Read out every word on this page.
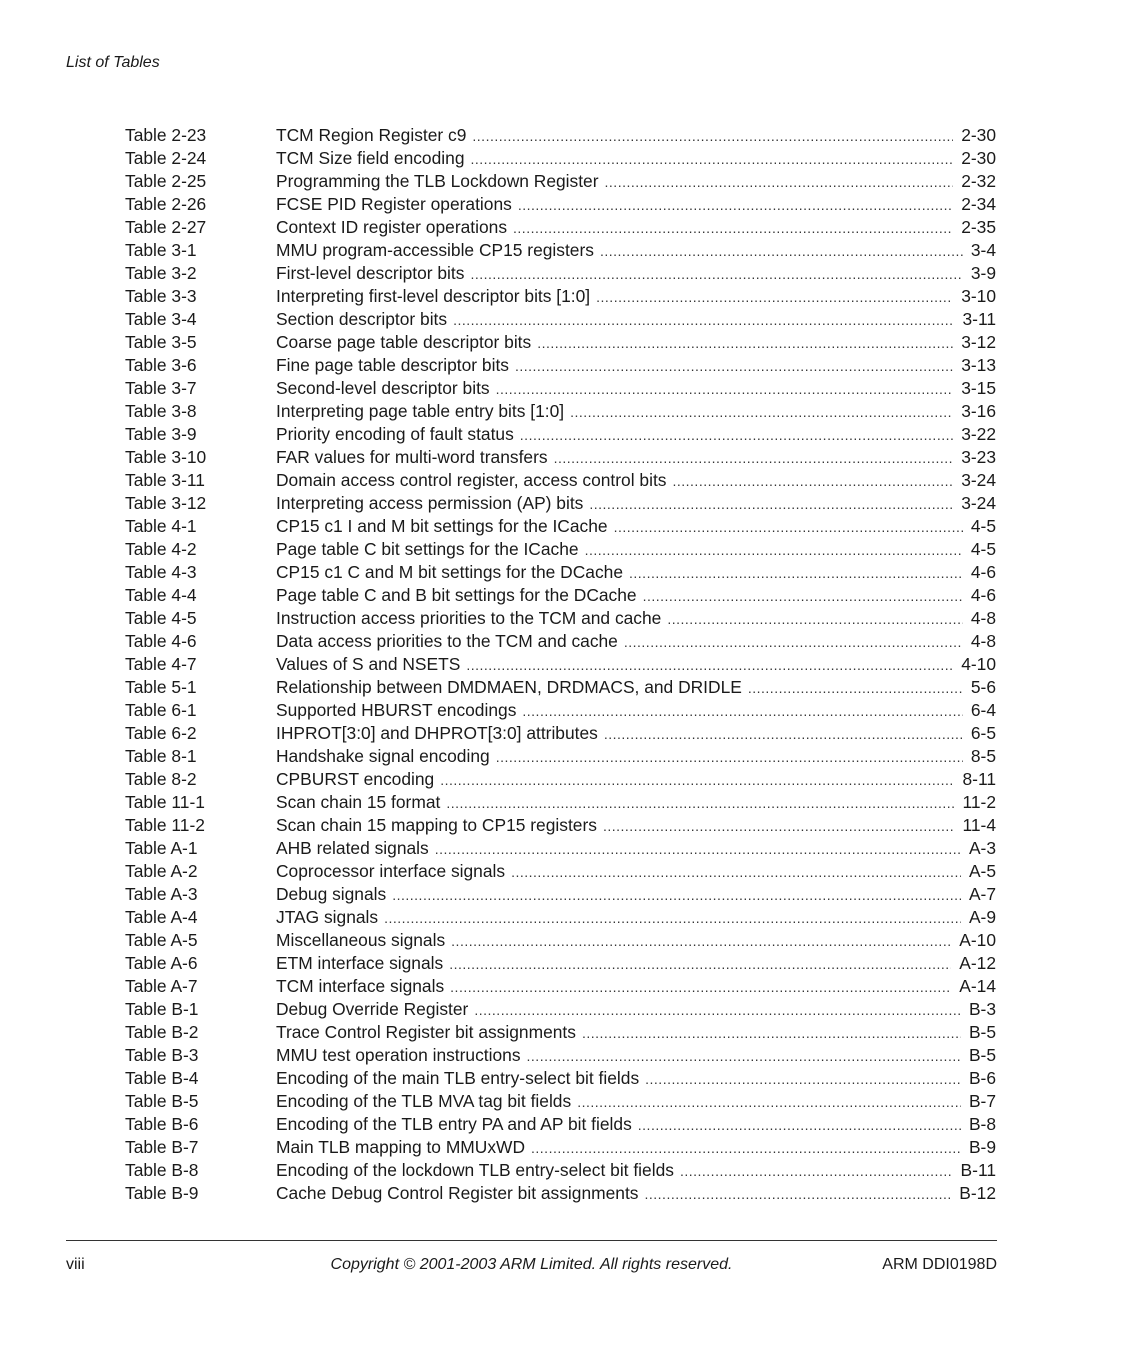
List of Tables
Table 2-23	TCM Region Register c9 .....	2-30
Table 2-24	TCM Size field encoding .....	2-30
Table 2-25	Programming the TLB Lockdown Register .....	2-32
Table 2-26	FCSE PID Register operations .....	2-34
Table 2-27	Context ID register operations .....	2-35
Table 3-1	MMU program-accessible CP15 registers .....	3-4
Table 3-2	First-level descriptor bits .....	3-9
Table 3-3	Interpreting first-level descriptor bits [1:0] .....	3-10
Table 3-4	Section descriptor bits .....	3-11
Table 3-5	Coarse page table descriptor bits .....	3-12
Table 3-6	Fine page table descriptor bits .....	3-13
Table 3-7	Second-level descriptor bits .....	3-15
Table 3-8	Interpreting page table entry bits [1:0] .....	3-16
Table 3-9	Priority encoding of fault status .....	3-22
Table 3-10	FAR values for multi-word transfers .....	3-23
Table 3-11	Domain access control register, access control bits .....	3-24
Table 3-12	Interpreting access permission (AP) bits .....	3-24
Table 4-1	CP15 c1 I and M bit settings for the ICache .....	4-5
Table 4-2	Page table C bit settings for the ICache .....	4-5
Table 4-3	CP15 c1 C and M bit settings for the DCache .....	4-6
Table 4-4	Page table C and B bit settings for the DCache .....	4-6
Table 4-5	Instruction access priorities to the TCM and cache .....	4-8
Table 4-6	Data access priorities to the TCM and cache .....	4-8
Table 4-7	Values of S and NSETS .....	4-10
Table 5-1	Relationship between DMDMAEN, DRDMACS, and DRIDLE .....	5-6
Table 6-1	Supported HBURST encodings .....	6-4
Table 6-2	IHPROT[3:0] and DHPROT[3:0] attributes .....	6-5
Table 8-1	Handshake signal encoding .....	8-5
Table 8-2	CPBURST encoding .....	8-11
Table 11-1	Scan chain 15 format .....	11-2
Table 11-2	Scan chain 15 mapping to CP15 registers .....	11-4
Table A-1	AHB related signals .....	A-3
Table A-2	Coprocessor interface signals .....	A-5
Table A-3	Debug signals .....	A-7
Table A-4	JTAG signals .....	A-9
Table A-5	Miscellaneous signals .....	A-10
Table A-6	ETM interface signals .....	A-12
Table A-7	TCM interface signals .....	A-14
Table B-1	Debug Override Register .....	B-3
Table B-2	Trace Control Register bit assignments .....	B-5
Table B-3	MMU test operation instructions .....	B-5
Table B-4	Encoding of the main TLB entry-select bit fields .....	B-6
Table B-5	Encoding of the TLB MVA tag bit fields .....	B-7
Table B-6	Encoding of the TLB entry PA and AP bit fields .....	B-8
Table B-7	Main TLB mapping to MMUxWD .....	B-9
Table B-8	Encoding of the lockdown TLB entry-select bit fields .....	B-11
Table B-9	Cache Debug Control Register bit assignments .....	B-12
viii	Copyright © 2001-2003 ARM Limited. All rights reserved.	ARM DDI0198D
